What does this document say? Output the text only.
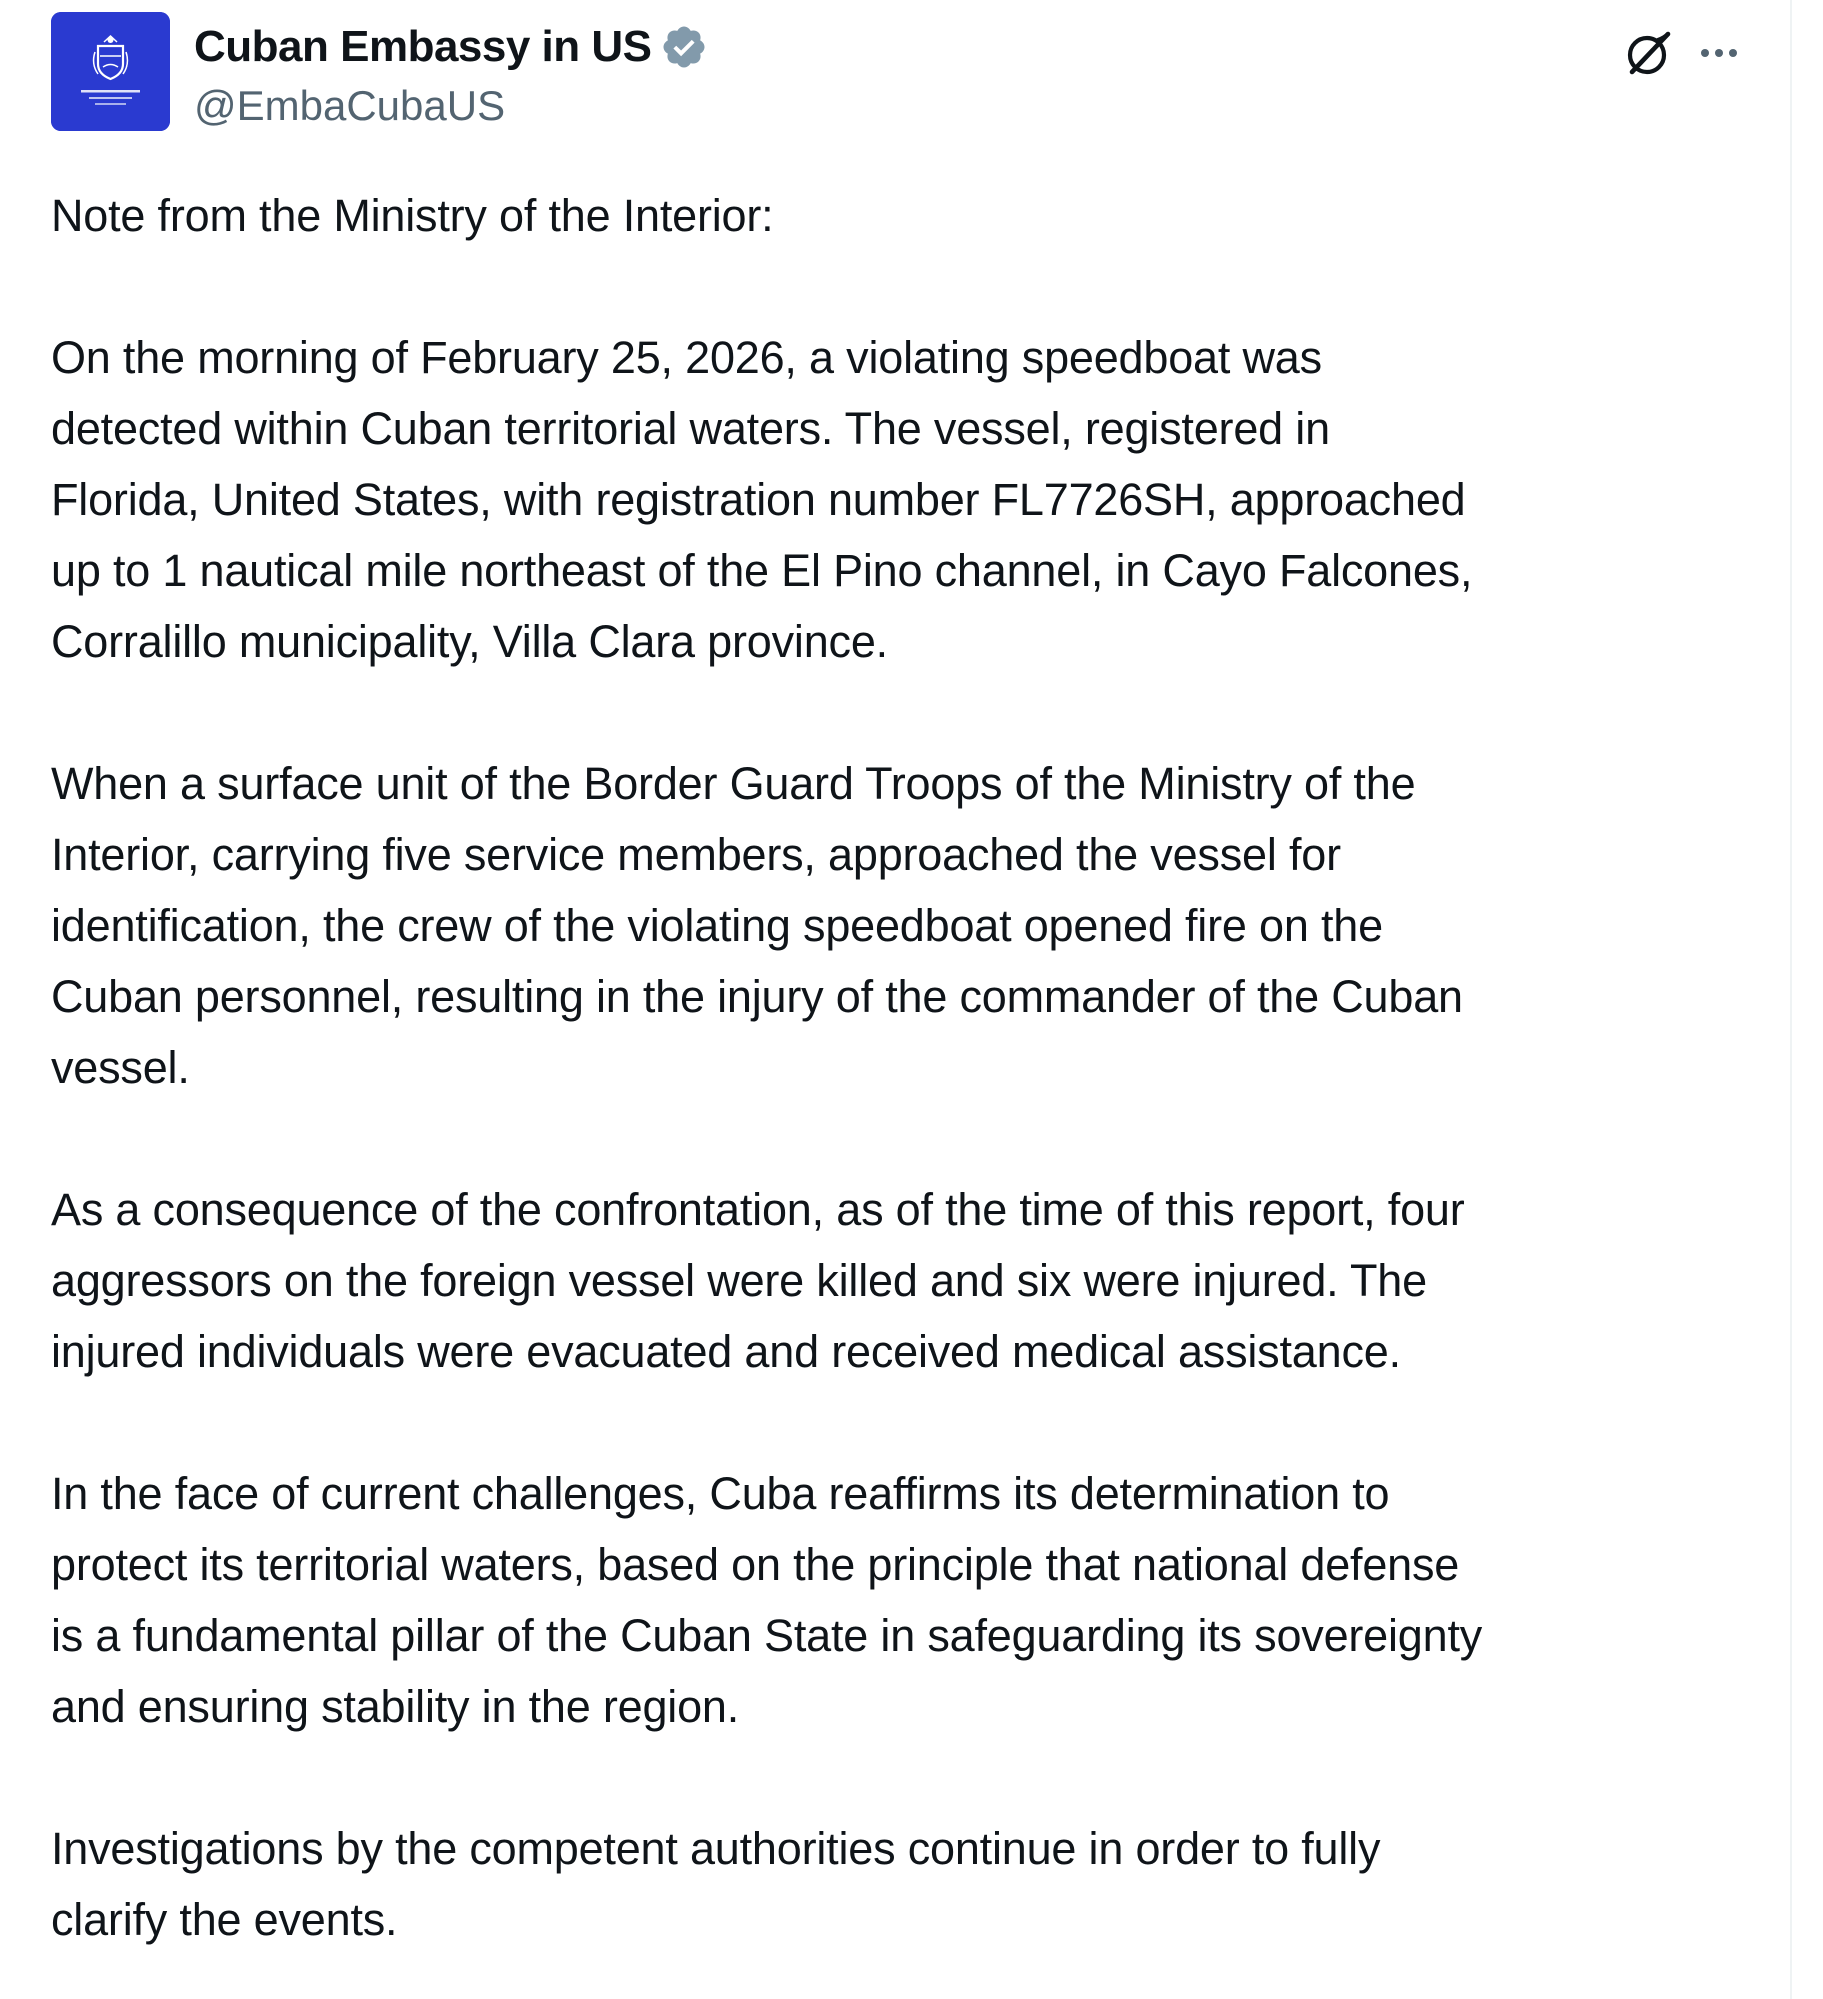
Cuban Embassy in US
@EmbaCubaUS

Note from the Ministry of the Interior:

On the morning of February 25, 2026, a violating speedboat was
detected within Cuban territorial waters. The vessel, registered in
Florida, United States, with registration number FL7726SH, approached
up to 1 nautical mile northeast of the El Pino channel, in Cayo Falcones,
Corralillo municipality, Villa Clara province.

When a surface unit of the Border Guard Troops of the Ministry of the
Interior, carrying five service members, approached the vessel for
identification, the crew of the violating speedboat opened fire on the
Cuban personnel, resulting in the injury of the commander of the Cuban
vessel.

As a consequence of the confrontation, as of the time of this report, four
aggressors on the foreign vessel were killed and six were injured. The
injured individuals were evacuated and received medical assistance.

In the face of current challenges, Cuba reaffirms its determination to
protect its territorial waters, based on the principle that national defense
is a fundamental pillar of the Cuban State in safeguarding its sovereignty
and ensuring stability in the region.

Investigations by the competent authorities continue in order to fully
clarify the events.
